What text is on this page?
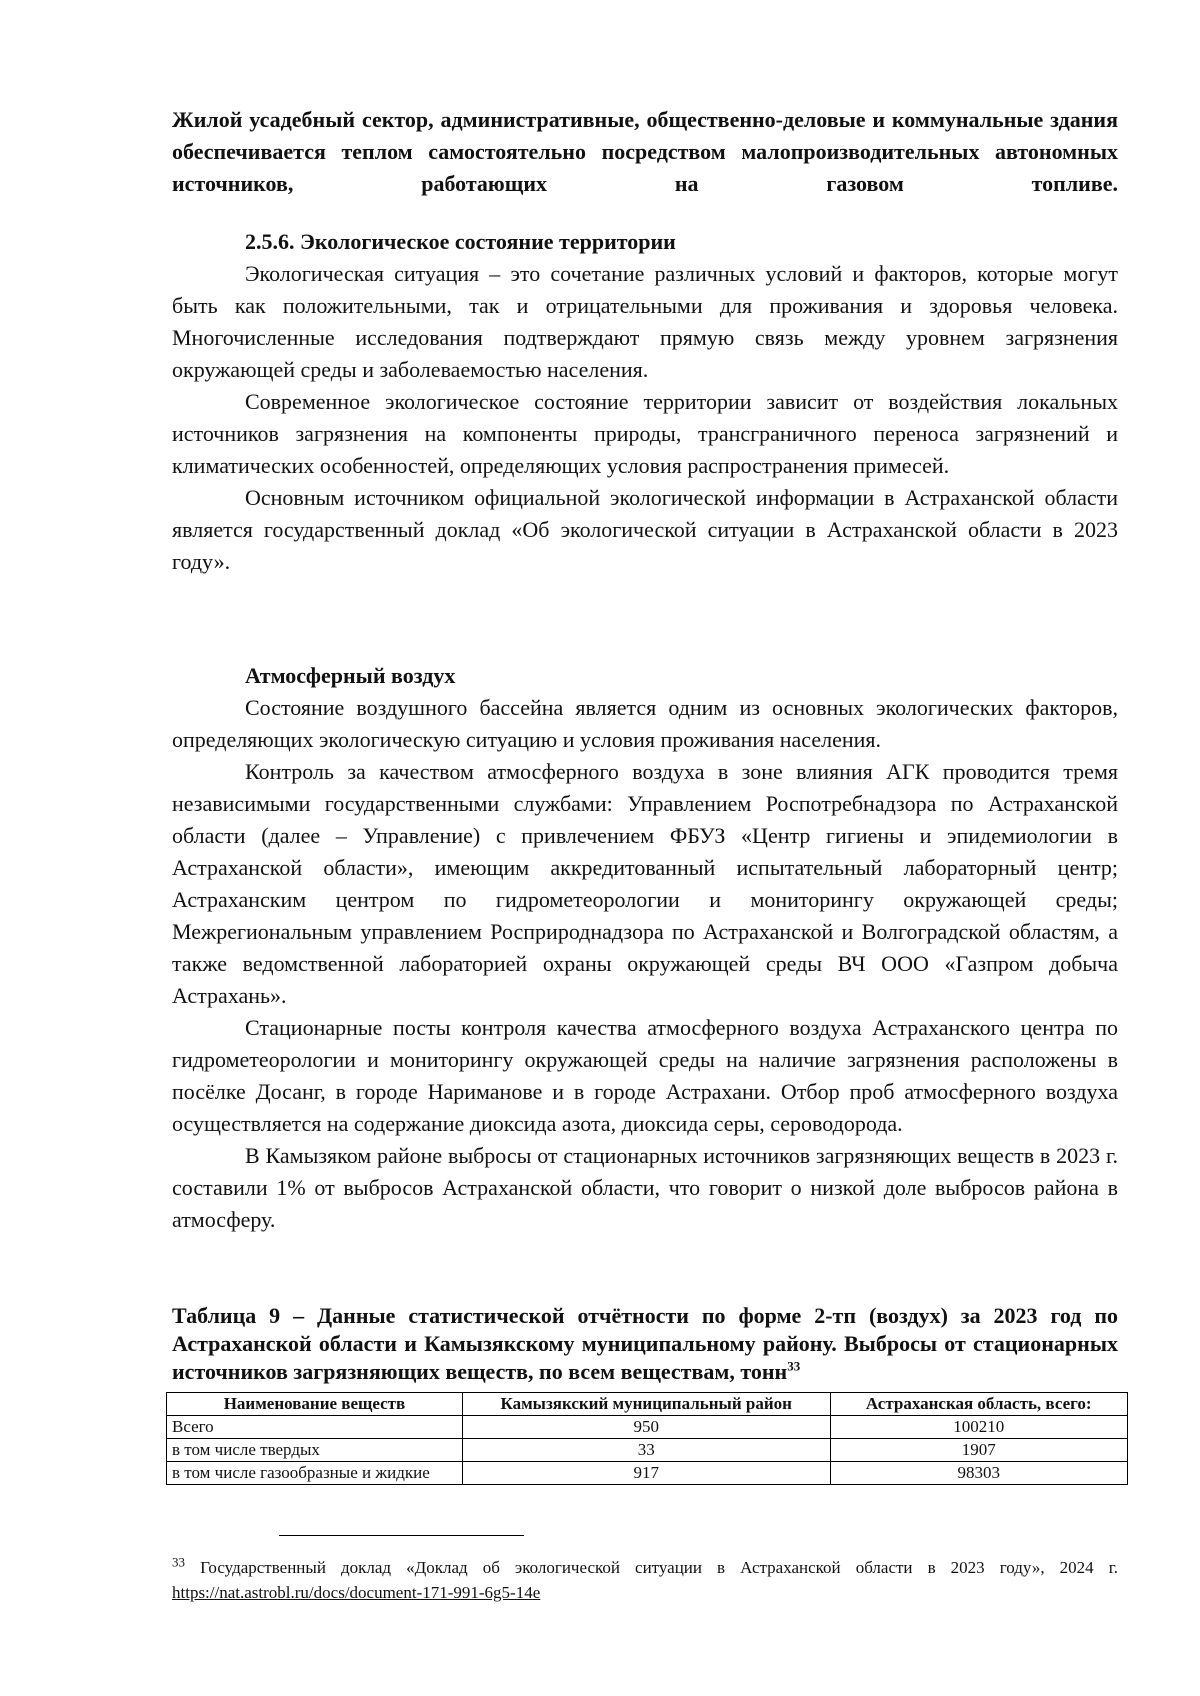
Жилой усадебный сектор, административные, общественно-деловые и коммунальные здания обеспечивается теплом самостоятельно посредством малопроизводительных автономных источников, работающих на газовом топливе.

2.5.6. Экологическое состояние территории

Экологическая ситуация – это сочетание различных условий и факторов, которые могут быть как положительными, так и отрицательными для проживания и здоровья человека. Многочисленные исследования подтверждают прямую связь между уровнем загрязнения окружающей среды и заболеваемостью населения.

Современное экологическое состояние территории зависит от воздействия локальных источников загрязнения на компоненты природы, трансграничного переноса загрязнений и климатических особенностей, определяющих условия распространения примесей.

Основным источником официальной экологической информации в Астраханской области является государственный доклад «Об экологической ситуации в Астраханской области в 2023 году».

Атмосферный воздух

Состояние воздушного бассейна является одним из основных экологических факторов, определяющих экологическую ситуацию и условия проживания населения.

Контроль за качеством атмосферного воздуха в зоне влияния АГК проводится тремя независимыми государственными службами: Управлением Роспотребнадзора по Астраханской области (далее – Управление) с привлечением ФБУЗ «Центр гигиены и эпидемиологии в Астраханской области», имеющим аккредитованный испытательный лабораторный центр; Астраханским центром по гидрометеорологии и мониторингу окружающей среды; Межрегиональным управлением Росприроднадзора по Астраханской и Волгоградской областям, а также ведомственной лабораторией охраны окружающей среды ВЧ ООО «Газпром добыча Астрахань».

Стационарные посты контроля качества атмосферного воздуха Астраханского центра по гидрометеорологии и мониторингу окружающей среды на наличие загрязнения расположены в посёлке Досанг, в городе Нариманове и в городе Астрахани. Отбор проб атмосферного воздуха осуществляется на содержание диоксида азота, диоксида серы, сероводорода.

В Камызяком районе выбросы от стационарных источников загрязняющих веществ в 2023 г. составили 1% от выбросов Астраханской области, что говорит о низкой доле выбросов района в атмосферу.

Таблица 9 – Данные статистической отчётности по форме 2-тп (воздух) за 2023 год по Астраханской области и Камызякскому муниципальному району. Выбросы от стационарных источников загрязняющих веществ, по всем веществам, тонн$^{33}$

Наименование веществ	Камызякский муниципальный район	Астраханская область, всего:
Всего	950	100210
в том числе твердых	33	1907
в том числе газообразные и жидкие	917	98303
$^{33}$ Государственный доклад «Доклад об экологической ситуации в Астраханской области в 2023 году», 2024 г. https://nat.astrobl.ru/docs/document-171-991-6g5-14e
